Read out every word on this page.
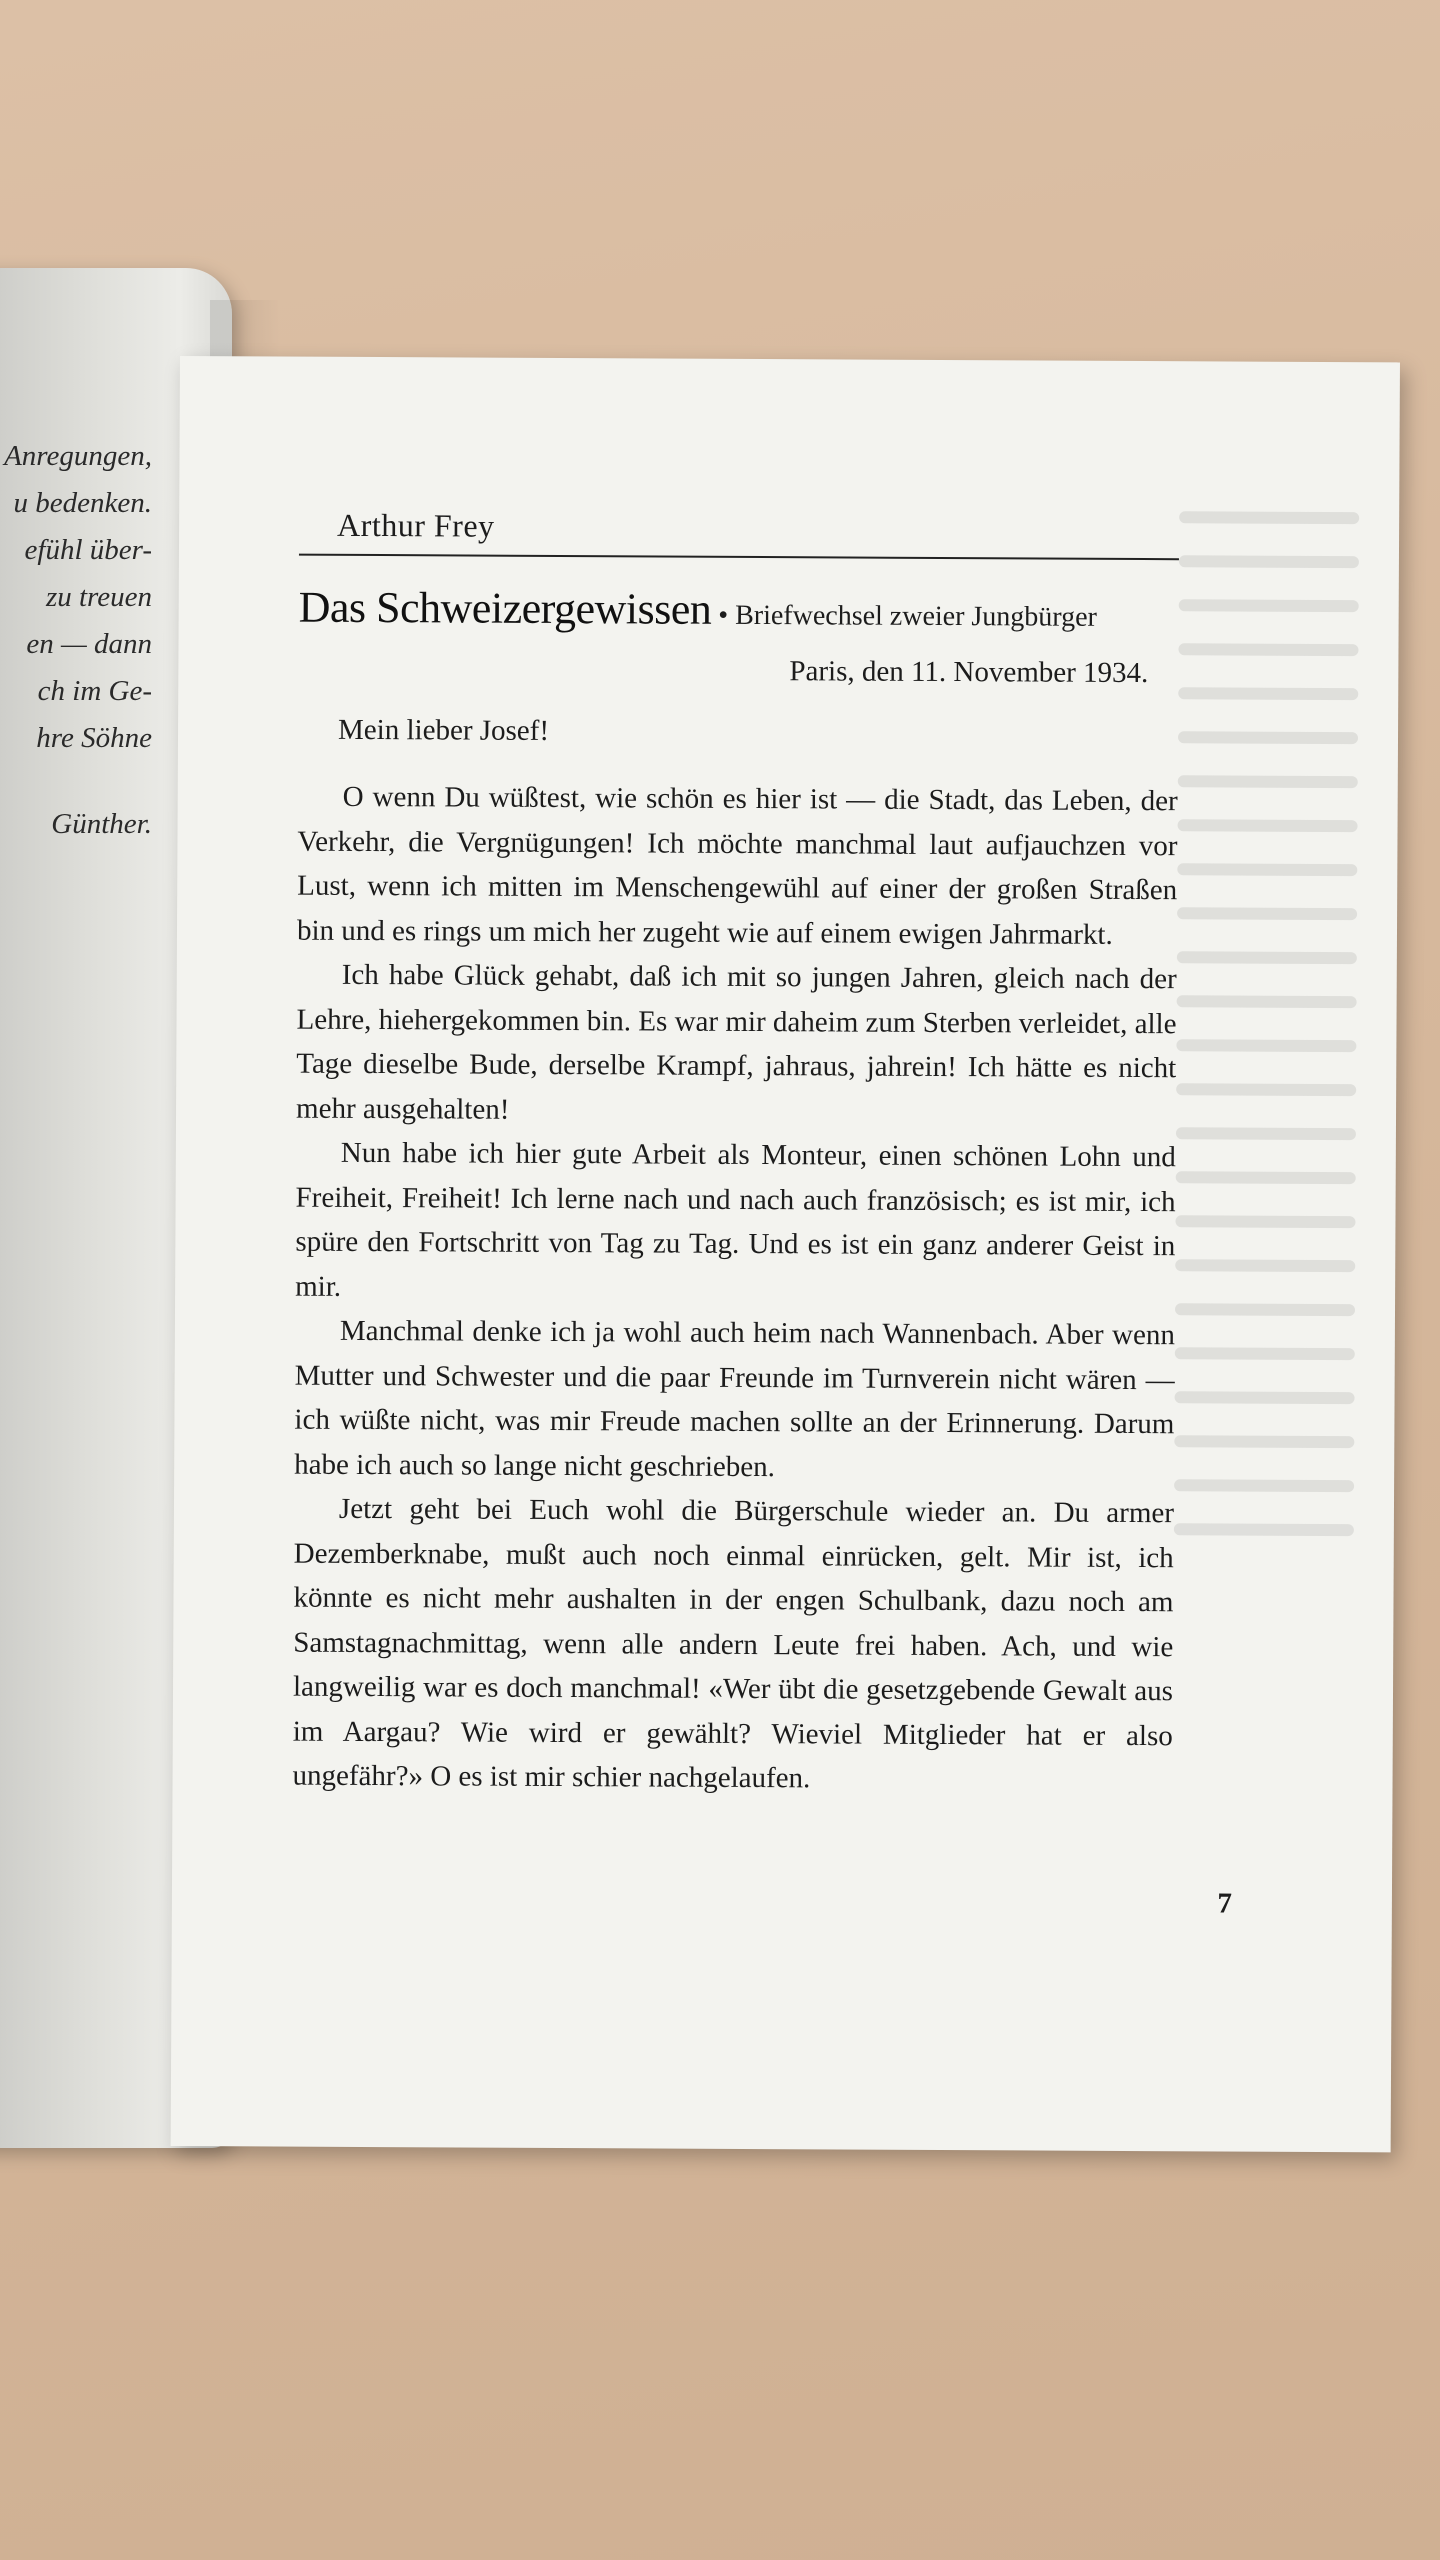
Anregungen,
u bedenken.
efühl über-
zu treuen
en — dann
ch im Ge-
hre Söhne
Günther.
Arthur Frey
Das Schweizergewissen • Briefwechsel zweier Jungbürger
Paris, den 11. November 1934.
Mein lieber Josef!

O wenn Du wüßtest, wie schön es hier ist — die Stadt, das Leben, der Verkehr, die Vergnügungen! Ich möchte manchmal laut aufjauchzen vor Lust, wenn ich mitten im Menschengewühl auf einer der großen Straßen bin und es rings um mich her zugeht wie auf einem ewigen Jahrmarkt.

Ich habe Glück gehabt, daß ich mit so jungen Jahren, gleich nach der Lehre, hiehergekommen bin. Es war mir daheim zum Sterben verleidet, alle Tage dieselbe Bude, derselbe Krampf, jahraus, jahrein! Ich hätte es nicht mehr ausgehalten!

Nun habe ich hier gute Arbeit als Monteur, einen schönen Lohn und Freiheit, Freiheit! Ich lerne nach und nach auch französisch; es ist mir, ich spüre den Fortschritt von Tag zu Tag. Und es ist ein ganz anderer Geist in mir.

Manchmal denke ich ja wohl auch heim nach Wannenbach. Aber wenn Mutter und Schwester und die paar Freunde im Turnverein nicht wären — ich wüßte nicht, was mir Freude machen sollte an der Erinnerung. Darum habe ich auch so lange nicht geschrieben.

Jetzt geht bei Euch wohl die Bürgerschule wieder an. Du armer Dezemberknabe, mußt auch noch einmal einrücken, gelt. Mir ist, ich könnte es nicht mehr aushalten in der engen Schulbank, dazu noch am Samstagnachmittag, wenn alle andern Leute frei haben. Ach, und wie langweilig war es doch manchmal! «Wer übt die gesetzgebende Gewalt aus im Aargau? Wie wird er gewählt? Wieviel Mitglieder hat er also ungefähr?» O es ist mir schier nachgelaufen.

7
